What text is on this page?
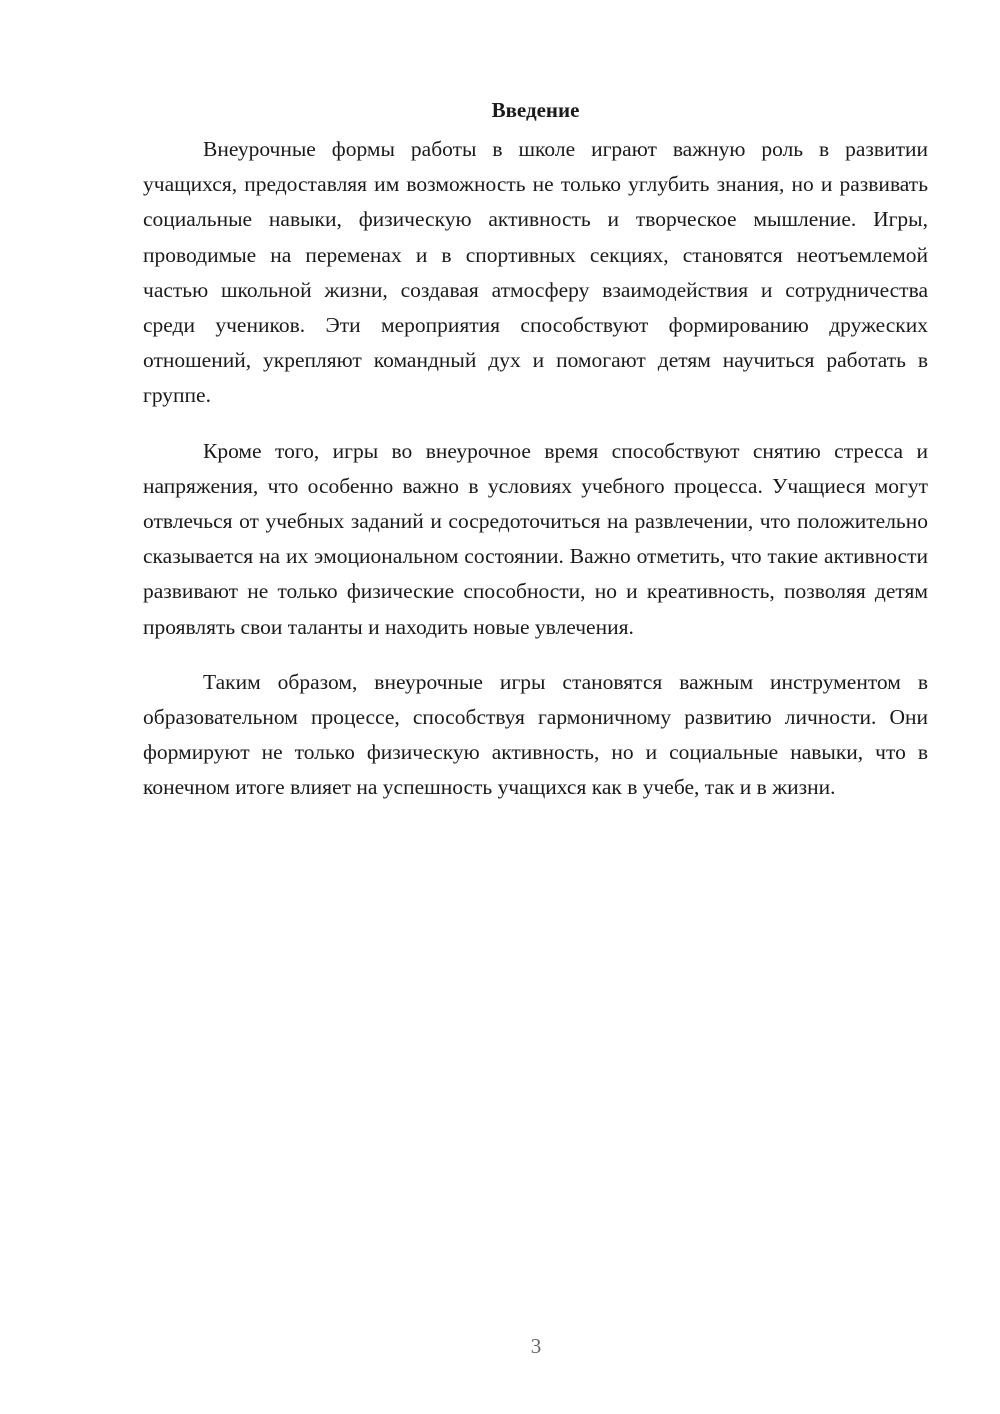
Введение

Внеурочные формы работы в школе играют важную роль в развитии учащихся, предоставляя им возможность не только углубить знания, но и развивать социальные навыки, физическую активность и творческое мышление. Игры, проводимые на переменах и в спортивных секциях, становятся неотъемлемой частью школьной жизни, создавая атмосферу взаимодействия и сотрудничества среди учеников. Эти мероприятия способствуют формированию дружеских отношений, укрепляют командный дух и помогают детям научиться работать в группе.

Кроме того, игры во внеурочное время способствуют снятию стресса и напряжения, что особенно важно в условиях учебного процесса. Учащиеся могут отвлечься от учебных заданий и сосредоточиться на развлечении, что положительно сказывается на их эмоциональном состоянии. Важно отметить, что такие активности развивают не только физические способности, но и креативность, позволяя детям проявлять свои таланты и находить новые увлечения.

Таким образом, внеурочные игры становятся важным инструментом в образовательном процессе, способствуя гармоничному развитию личности. Они формируют не только физическую активность, но и социальные навыки, что в конечном итоге влияет на успешность учащихся как в учебе, так и в жизни.

3
